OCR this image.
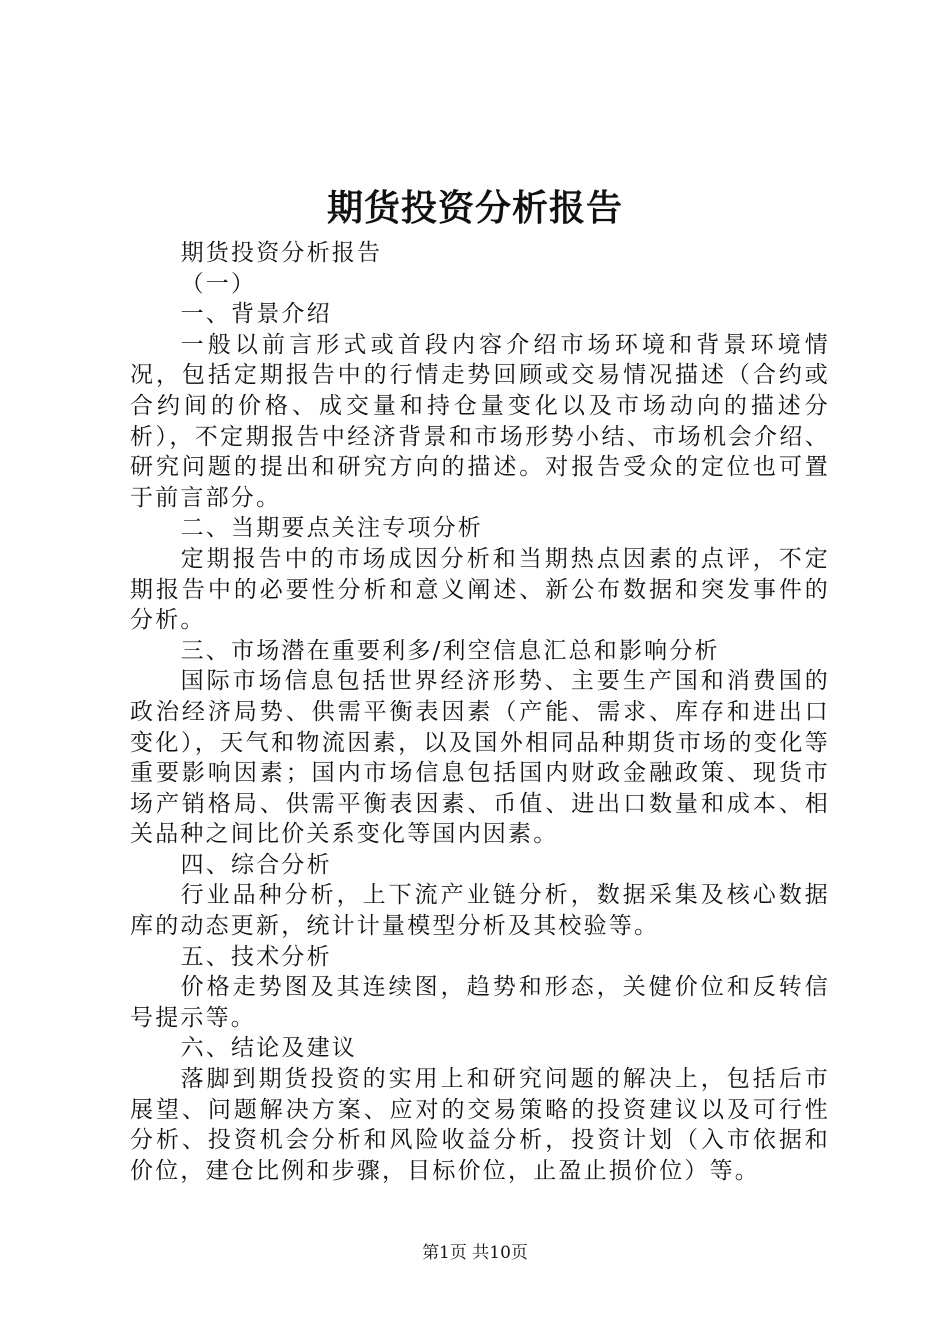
期货投资分析报告

期货投资分析报告

（一）

一、背景介绍

一般以前言形式或首段内容介绍市场环境和背景环境情况，包括定期报告中的行情走势回顾或交易情况描述（合约或合约间的价格、成交量和持仓量变化以及市场动向的描述分析），不定期报告中经济背景和市场形势小结、市场机会介绍、研究问题的提出和研究方向的描述。对报告受众的定位也可置于前言部分。

二、当期要点关注专项分析

定期报告中的市场成因分析和当期热点因素的点评，不定期报告中的必要性分析和意义阐述、新公布数据和突发事件的分析。

三、市场潜在重要利多/利空信息汇总和影响分析

国际市场信息包括世界经济形势、主要生产国和消费国的政治经济局势、供需平衡表因素（产能、需求、库存和进出口变化），天气和物流因素，以及国外相同品种期货市场的变化等重要影响因素；国内市场信息包括国内财政金融政策、现货市场产销格局、供需平衡表因素、币值、进出口数量和成本、相关品种之间比价关系变化等国内因素。

四、综合分析

行业品种分析，上下流产业链分析，数据采集及核心数据库的动态更新，统计计量模型分析及其校验等。

五、技术分析

价格走势图及其连续图，趋势和形态，关健价位和反转信号提示等。

六、结论及建议

落脚到期货投资的实用上和研究问题的解决上，包括后市展望、问题解决方案、应对的交易策略的投资建议以及可行性分析、投资机会分析和风险收益分析，投资计划（入市依据和价位，建仓比例和步骤，目标价位，止盈止损价位）等。

第1页 共10页
